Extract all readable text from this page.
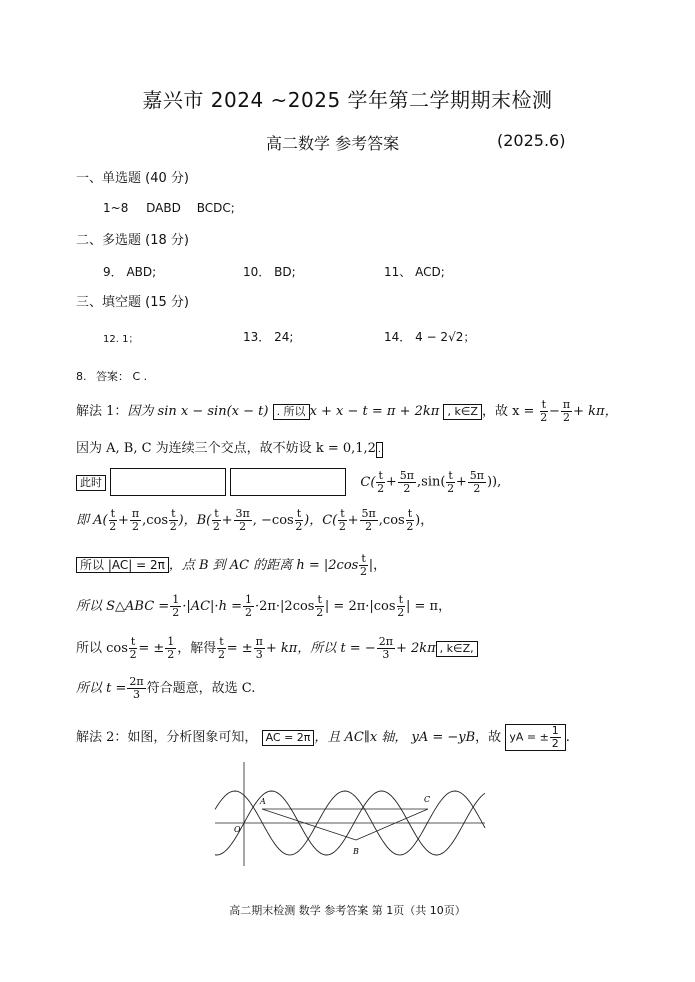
嘉兴市 2024 ~2025 学年第二学期期末检测
高二数学 参考答案	(2025.6)
一、单选题 (40 分)
1~8 DABD BCDC;
二、多选题 (18 分)
9． ABD;	10． BD;	11、 ACD;
三、填空题 (15 分)
12. 1；	13． 24;	14． 4 − 2√2；
8. 答案： C .
解法 1：因为 sin x − sin(x − t) . 所以 x + x − t = π + 2kπ , k∈Z ，故 $x = \frac{t}{2} - \frac{\pi}{2} + k\pi$，
因为 A, B, C 为连续三个交点，故不妨设 k = 0,1,2 .
此时	$C( \frac{t}{2} + \frac{5\pi}{2} ,\sin( \frac{t}{2} + \frac{5\pi}{2}$ )),
即 $A( \frac{t}{2} + \frac{\pi}{2} ,\cos \frac{t}{2}$ )，$B( \frac{t}{2} + \frac{3\pi}{2}$ , $-\cos \frac{t}{2}$ )，$C( \frac{t}{2} + \frac{5\pi}{2} ,\cos \frac{t}{2}$ )，
所以 |AC| = 2π ，点 B 到 AC 的距离 $h = |2\cos \frac{t}{2}$ |，
所以 S△ABC = $\frac{1}{2} \cdot|AC|\cdot h = \frac{1}{2} \cdot 2\pi\cdot|2\cos \frac{t}{2}$ | = $2\pi\cdot|\cos \frac{t}{2}$ | = π，
所以 $\cos \frac{t}{2}$ = ± $\frac{1}{2}$ ，解得 $\frac{t}{2}$ = ± $\frac{\pi}{3} + k\pi$，所以 t = − $\frac{2\pi}{3} + 2k\pi$ , k∈Z,
所以 $t = \frac{2\pi}{3}$ 符合题意，故选 C.
解法 2：如图，分析图象可知， AC = 2π ，且 AC∥x 轴， yA = −yB，故 yA = ± $\frac{1}{2}$ .
O
A
B
C
高二期末检测 数学 参考答案 第 1页（共 10页）
